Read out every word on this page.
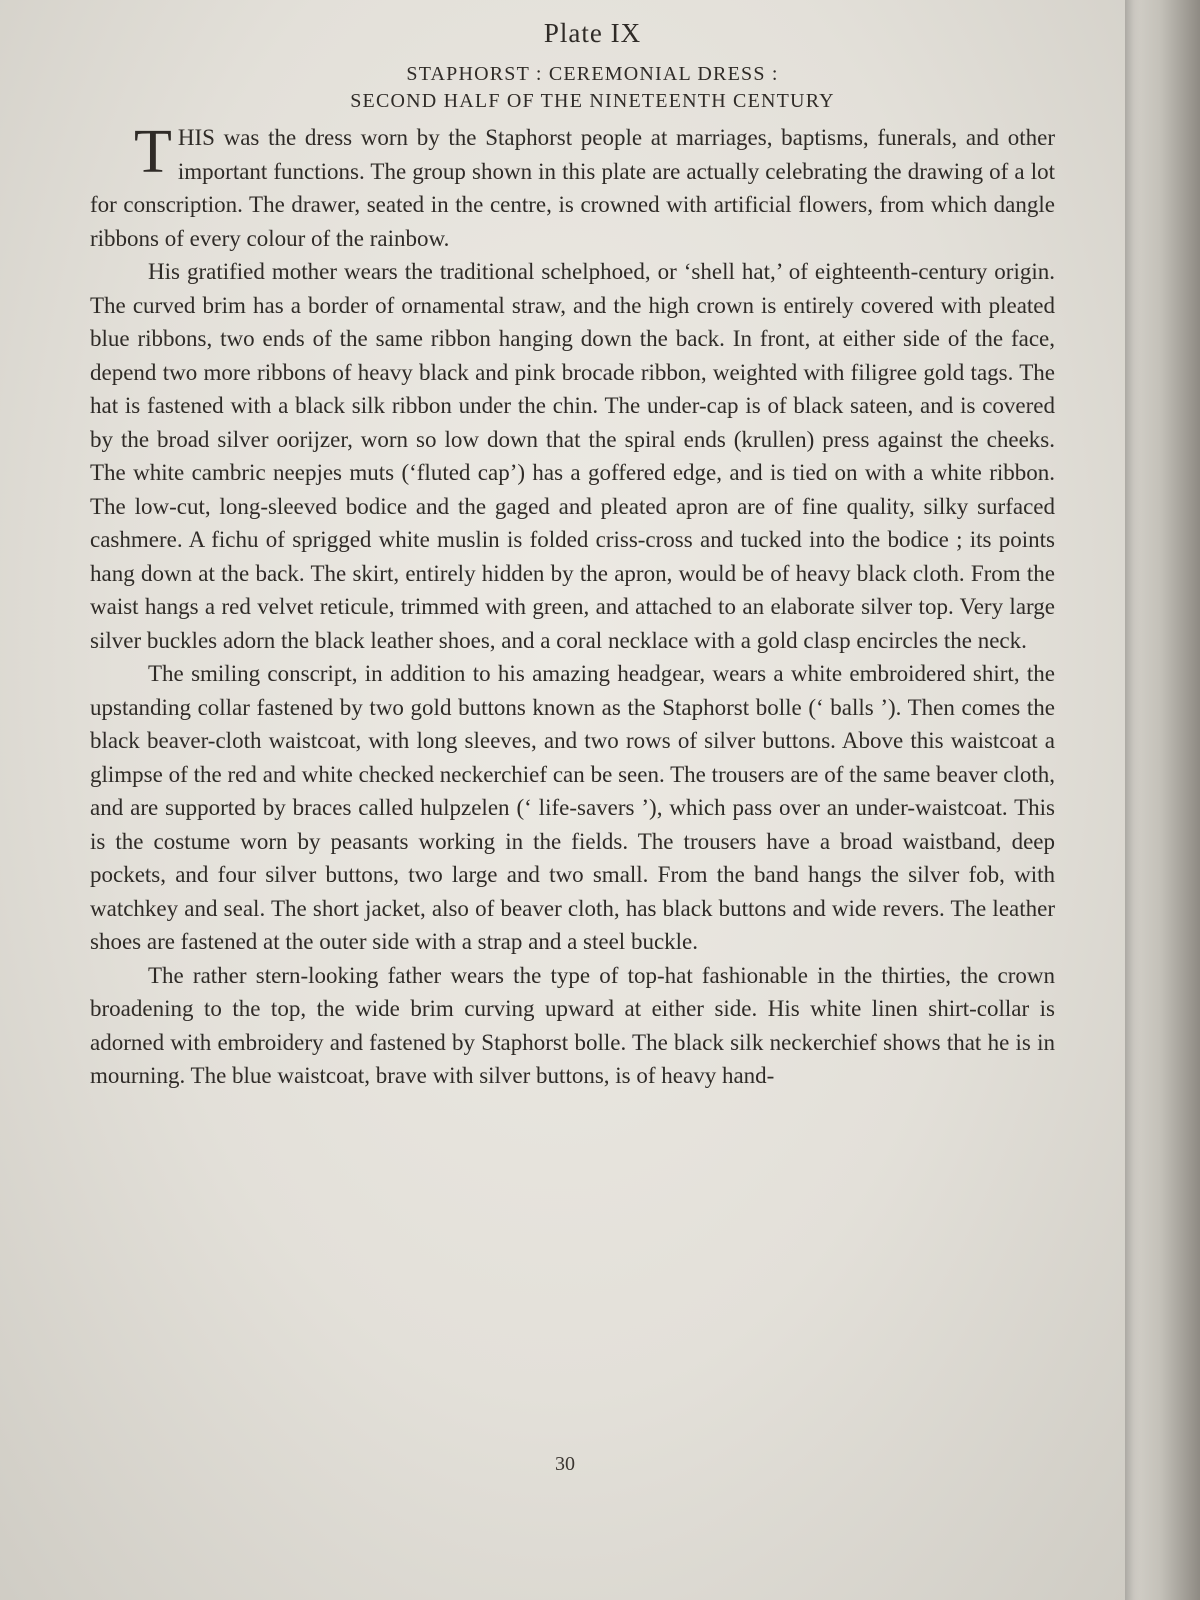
Plate IX
STAPHORST : CEREMONIAL DRESS :
SECOND HALF OF THE NINETEENTH CENTURY

T HIS was the dress worn by the Staphorst people at marriages, baptisms, funerals, and other important functions. The group shown in this plate are actually celebrating the drawing of a lot for conscription. The drawer, seated in the centre, is crowned with artificial flowers, from which dangle ribbons of every colour of the rainbow.

His gratified mother wears the traditional schelphoed, or ‘shell hat,’ of eighteenth-century origin. The curved brim has a border of ornamental straw, and the high crown is entirely covered with pleated blue ribbons, two ends of the same ribbon hanging down the back. In front, at either side of the face, depend two more ribbons of heavy black and pink brocade ribbon, weighted with filigree gold tags. The hat is fastened with a black silk ribbon under the chin. The under-cap is of black sateen, and is covered by the broad silver oorijzer, worn so low down that the spiral ends (krullen) press against the cheeks. The white cambric neepjes muts (‘fluted cap’) has a goffered edge, and is tied on with a white ribbon. The low-cut, long-sleeved bodice and the gaged and pleated apron are of fine quality, silky surfaced cashmere. A fichu of sprigged white muslin is folded criss-cross and tucked into the bodice ; its points hang down at the back. The skirt, entirely hidden by the apron, would be of heavy black cloth. From the waist hangs a red velvet reticule, trimmed with green, and attached to an elaborate silver top. Very large silver buckles adorn the black leather shoes, and a coral necklace with a gold clasp encircles the neck.

The smiling conscript, in addition to his amazing headgear, wears a white embroidered shirt, the upstanding collar fastened by two gold buttons known as the Staphorst bolle (‘ balls ’). Then comes the black beaver-cloth waistcoat, with long sleeves, and two rows of silver buttons. Above this waistcoat a glimpse of the red and white checked neckerchief can be seen. The trousers are of the same beaver cloth, and are supported by braces called hulpzelen (‘ life-savers ’), which pass over an under-waistcoat. This is the costume worn by peasants working in the fields. The trousers have a broad waistband, deep pockets, and four silver buttons, two large and two small. From the band hangs the silver fob, with watchkey and seal. The short jacket, also of beaver cloth, has black buttons and wide revers. The leather shoes are fastened at the outer side with a strap and a steel buckle.

The rather stern-looking father wears the type of top-hat fashionable in the thirties, the crown broadening to the top, the wide brim curving upward at either side. His white linen shirt-collar is adorned with embroidery and fastened by Staphorst bolle. The black silk neckerchief shows that he is in mourning. The blue waistcoat, brave with silver buttons, is of heavy hand-

30
